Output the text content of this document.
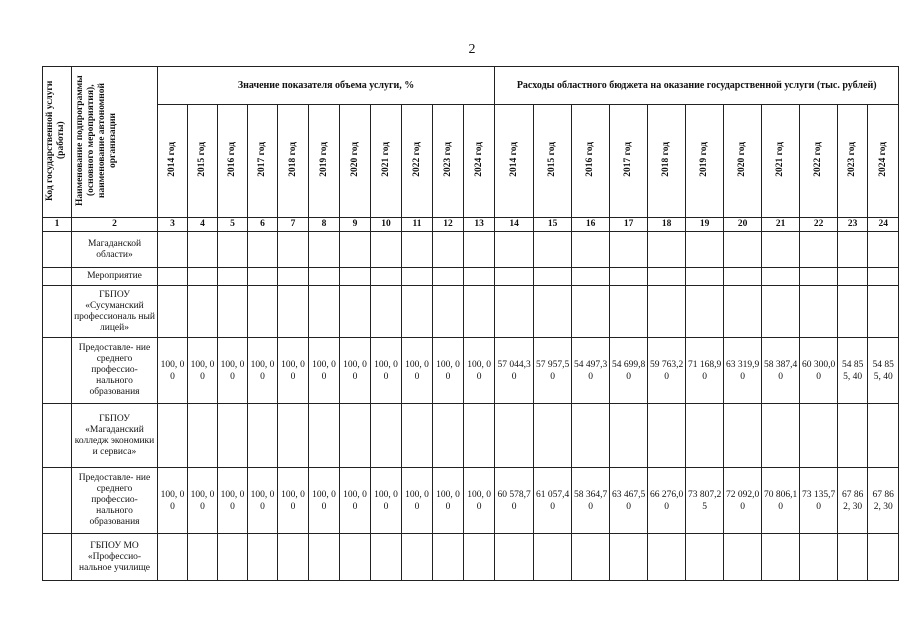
2
Код государственной услуги (работы)	Наименование подпрограммы (основного мероприятия), наименование автономной организации	Значение показателя объема услуги, %											Расходы областного бюджета на оказание государственной услуги (тыс. рублей)										
		2014 год	2015 год	2016 год	2017 год	2018 год	2019 год	2020 год	2021 год	2022 год	2023 год	2024 год	2014 год	2015 год	2016 год	2017 год	2018 год	2019 год	2020 год	2021 год	2022 год	2023 год	2024 год
1	2	3	4	5	6	7	8	9	10	11	12	13	14	15	16	17	18	19	20	21	22	23	24
	Магаданской области»																						
	Мероприятие																						
	ГБПОУ «Сусуманский профессиональ ный лицей»																						
	Предоставле- ние среднего профессио- нального образования	100, 00	100, 00	100, 00	100, 00	100, 00	100, 00	100, 00	100, 00	100, 00	100, 00	100, 00	57 044,3 0	57 957,5 0	54 497,3 0	54 699,8 0	59 763,2 0	71 168,9 0	63 319,9 0	58 387,4 0	60 300,0 0	54 855, 40	54 855, 40
	ГБПОУ «Магаданский колледж экономики и сервиса»																						
	Предоставле- ние среднего профессио- нального образования	100, 00	100, 00	100, 00	100, 00	100, 00	100, 00	100, 00	100, 00	100, 00	100, 00	100, 00	60 578,7 0	61 057,4 0	58 364,7 0	63 467,5 0	66 276,0 0	73 807,2 5	72 092,0 0	70 806,1 0	73 135,7 0	67 862, 30	67 862, 30
	ГБПОУ МО «Профессио- нальное училище																						
